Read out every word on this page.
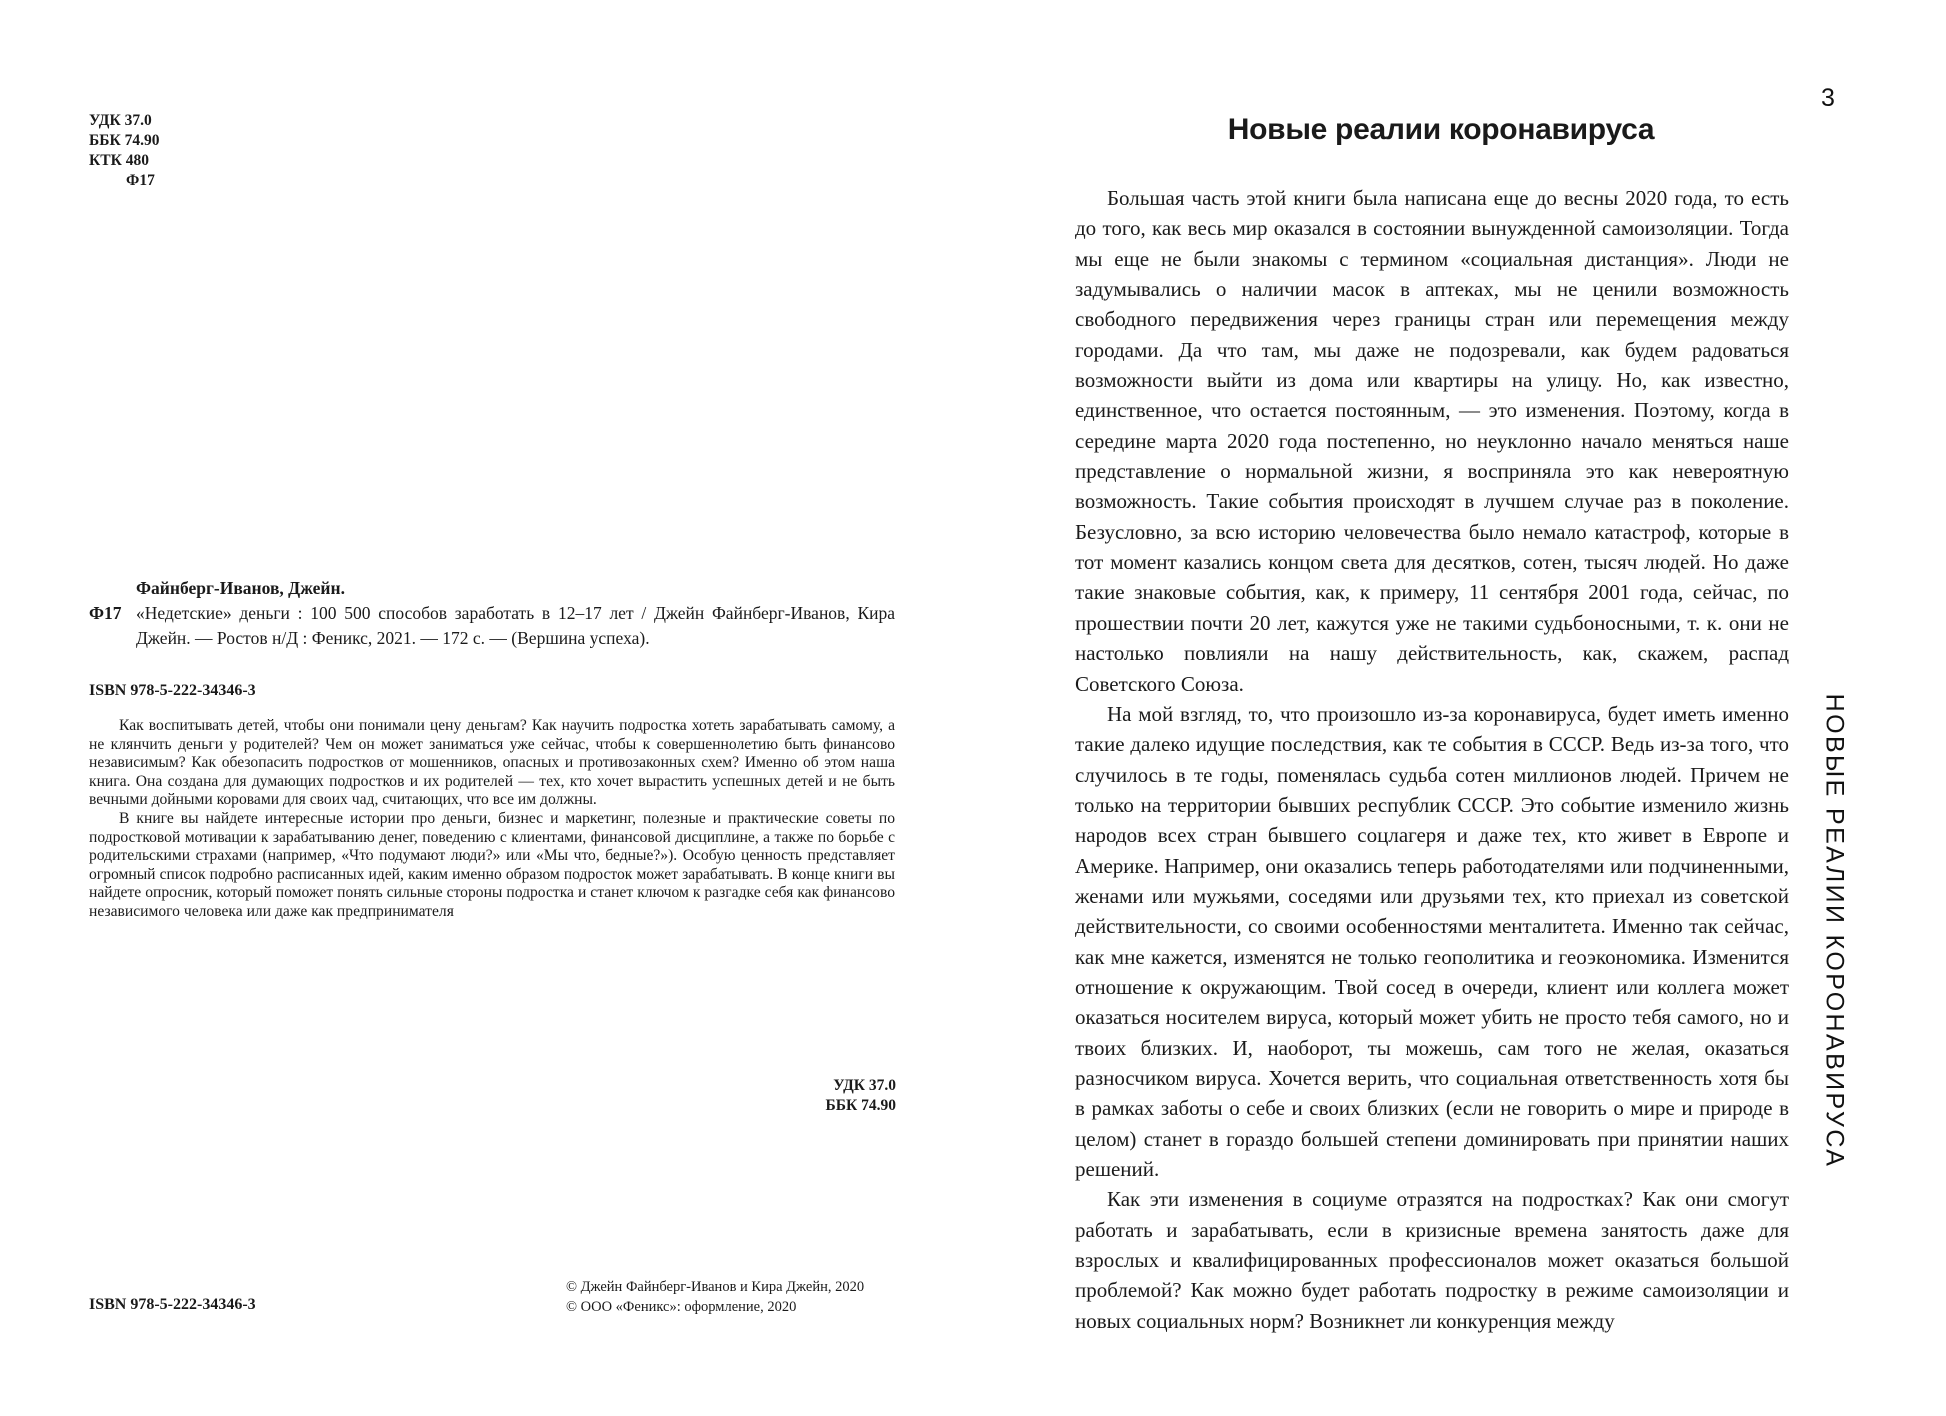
УДК 37.0
ББК 74.90
КТК 480
Ф17

Файнберг-Иванов, Джейн.

Ф17 «Недетские» деньги : 100 500 способов заработать в 12–17 лет / Джейн Файнберг-Иванов, Кира Джейн. — Ростов н/Д : Феникс, 2021. — 172 с. — (Вершина успеха).

ISBN 978-5-222-34346-3

Как воспитывать детей, чтобы они понимали цену деньгам? Как научить подростка хотеть зарабатывать самому, а не клянчить деньги у родителей? Чем он может заниматься уже сейчас, чтобы к совершеннолетию быть финансово независимым? Как обезопасить подростков от мошенников, опасных и противозаконных схем? Именно об этом наша книга. Она создана для думающих подростков и их родителей — тех, кто хочет вырастить успешных детей и не быть вечными дойными коровами для своих чад, считающих, что все им должны.

В книге вы найдете интересные истории про деньги, бизнес и маркетинг, полезные и практические советы по подростковой мотивации к зарабатыванию денег, поведению с клиентами, финансовой дисциплине, а также по борьбе с родительскими страхами (например, «Что подумают люди?» или «Мы что, бедные?»). Особую ценность представляет огромный список подробно расписанных идей, каким именно образом подросток может зарабатывать. В конце книги вы найдете опросник, который поможет понять сильные стороны подростка и станет ключом к разгадке себя как финансово независимого человека или даже как предпринимателя

УДК 37.0
ББК 74.90
ISBN 978-5-222-34346-3
© Джейн Файнберг-Иванов и Кира Джейн, 2020
© ООО «Феникс»: оформление, 2020
3
Новые реалии коронавируса

Большая часть этой книги была написана еще до весны 2020 года, то есть до того, как весь мир оказался в состоянии вынужденной самоизоляции. Тогда мы еще не были знакомы с термином «социальная дистанция». Люди не задумывались о наличии масок в аптеках, мы не ценили возможность свободного передвижения через границы стран или перемещения между городами. Да что там, мы даже не подозревали, как будем радоваться возможности выйти из дома или квартиры на улицу. Но, как известно, единственное, что остается постоянным, — это изменения. Поэтому, когда в середине марта 2020 года постепенно, но неуклонно начало меняться наше представление о нормальной жизни, я восприняла это как невероятную возможность. Такие события происходят в лучшем случае раз в поколение. Безусловно, за всю историю человечества было немало катастроф, которые в тот момент казались концом света для десятков, сотен, тысяч людей. Но даже такие знаковые события, как, к примеру, 11 сентября 2001 года, сейчас, по прошествии почти 20 лет, кажутся уже не такими судьбоносными, т. к. они не настолько повлияли на нашу действительность, как, скажем, распад Советского Союза.

На мой взгляд, то, что произошло из-за коронавируса, будет иметь именно такие далеко идущие последствия, как те события в СССР. Ведь из-за того, что случилось в те годы, поменялась судьба сотен миллионов людей. Причем не только на территории бывших республик СССР. Это событие изменило жизнь народов всех стран бывшего соцлагеря и даже тех, кто живет в Европе и Америке. Например, они оказались теперь работодателями или подчиненными, женами или мужьями, соседями или друзьями тех, кто приехал из советской действительности, со своими особенностями менталитета. Именно так сейчас, как мне кажется, изменятся не только геополитика и геоэкономика. Изменится отношение к окружающим. Твой сосед в очереди, клиент или коллега может оказаться носителем вируса, который может убить не просто тебя самого, но и твоих близких. И, наоборот, ты можешь, сам того не желая, оказаться разносчиком вируса. Хочется верить, что социальная ответственность хотя бы в рамках заботы о себе и своих близких (если не говорить о мире и природе в целом) станет в гораздо большей степени доминировать при принятии наших решений.

Как эти изменения в социуме отразятся на подростках? Как они смогут работать и зарабатывать, если в кризисные времена занятость даже для взрослых и квалифицированных профессионалов может оказаться большой проблемой? Как можно будет работать подростку в режиме самоизоляции и новых социальных норм? Возникнет ли конкуренция между

НОВЫЕ РЕАЛИИ КОРОНАВИРУСА
